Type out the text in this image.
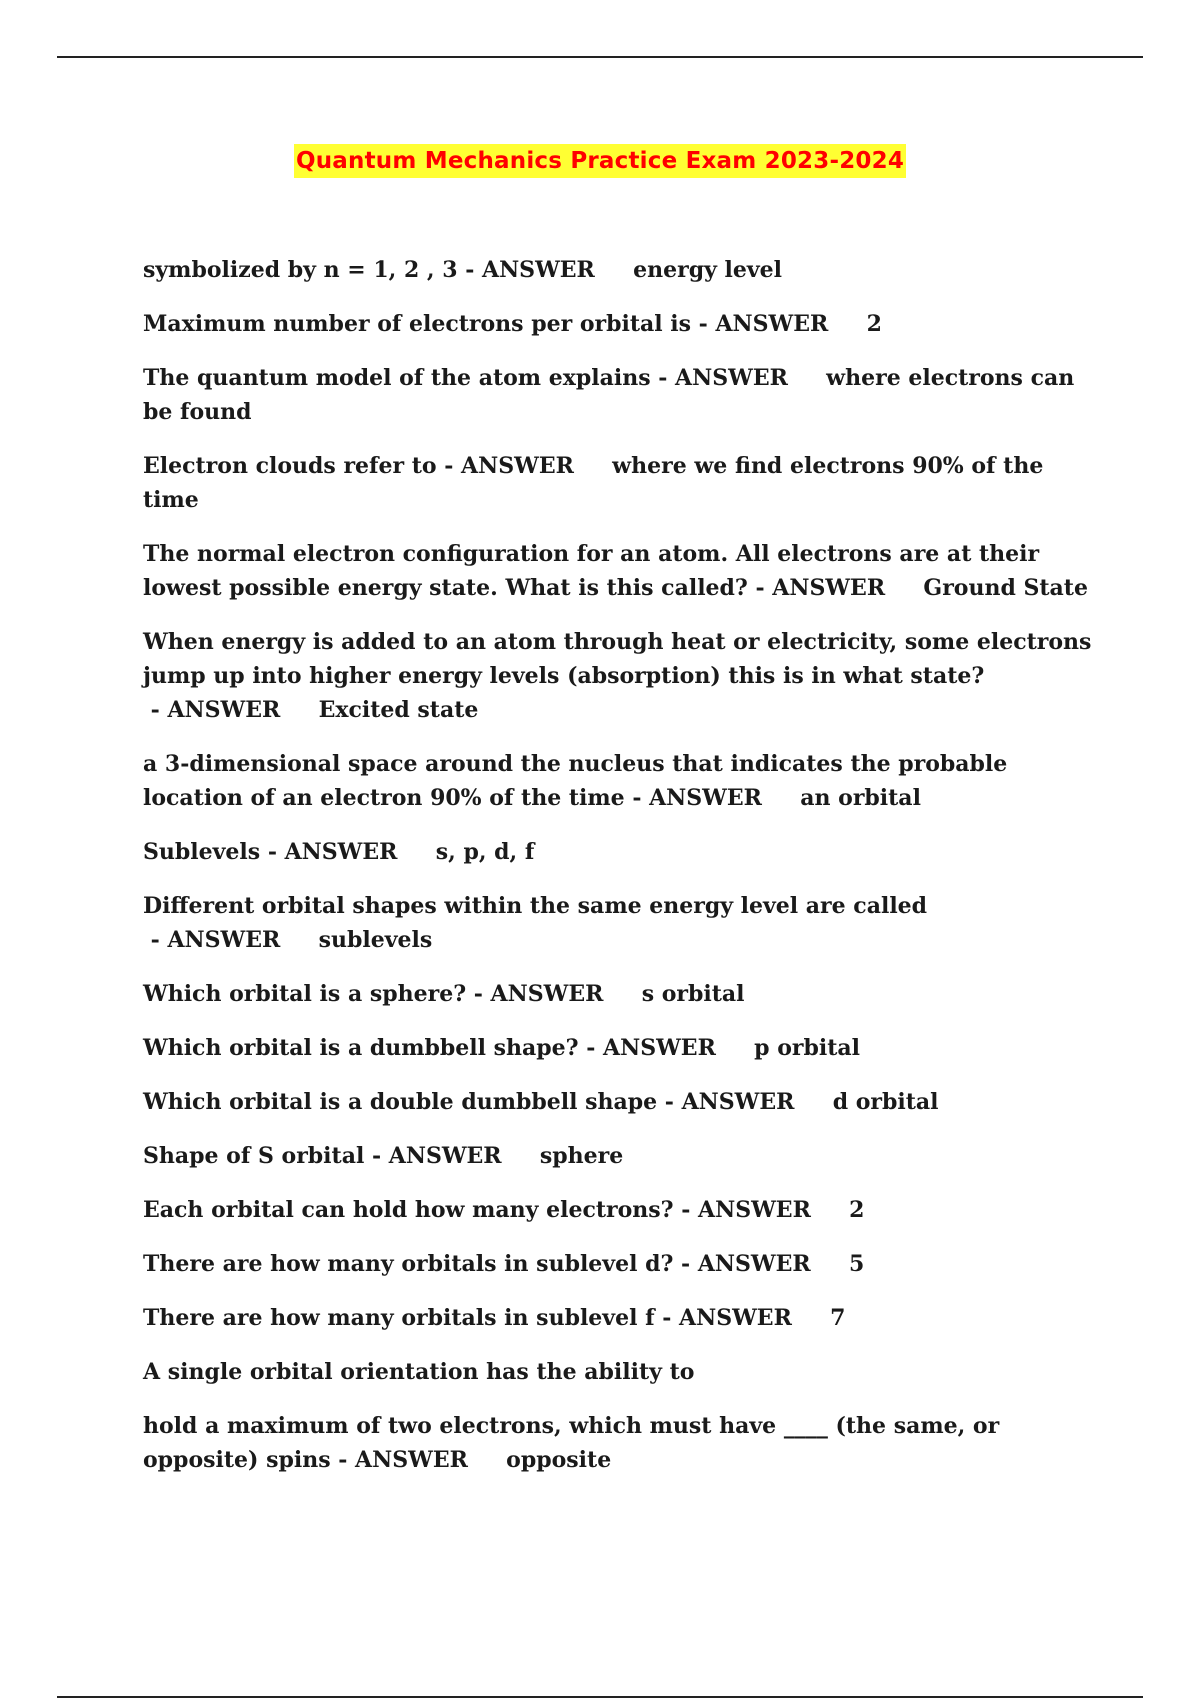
Quantum Mechanics Practice Exam 2023-2024
symbolized by n = 1, 2 , 3 - ANSWER     energy level
Maximum number of electrons per orbital is - ANSWER     2
The quantum model of the atom explains - ANSWER     where electrons can be found
Electron clouds refer to - ANSWER     where we find electrons 90% of the time
The normal electron configuration for an atom. All electrons are at their lowest possible energy state. What is this called? - ANSWER     Ground State
When energy is added to an atom through heat or electricity, some electrons jump up into higher energy levels (absorption) this is in what state? - ANSWER     Excited state
a 3-dimensional space around the nucleus that indicates the probable location of an electron 90% of the time - ANSWER     an orbital
Sublevels - ANSWER     s, p, d, f
Different orbital shapes within the same energy level are called - ANSWER     sublevels
Which orbital is a sphere? - ANSWER     s orbital
Which orbital is a dumbbell shape? - ANSWER     p orbital
Which orbital is a double dumbbell shape - ANSWER     d orbital
Shape of S orbital - ANSWER     sphere
Each orbital can hold how many electrons? - ANSWER     2
There are how many orbitals in sublevel d? - ANSWER     5
There are how many orbitals in sublevel f - ANSWER     7
A single orbital orientation has the ability to
hold a maximum of two electrons, which must have ____ (the same, or opposite) spins - ANSWER     opposite
